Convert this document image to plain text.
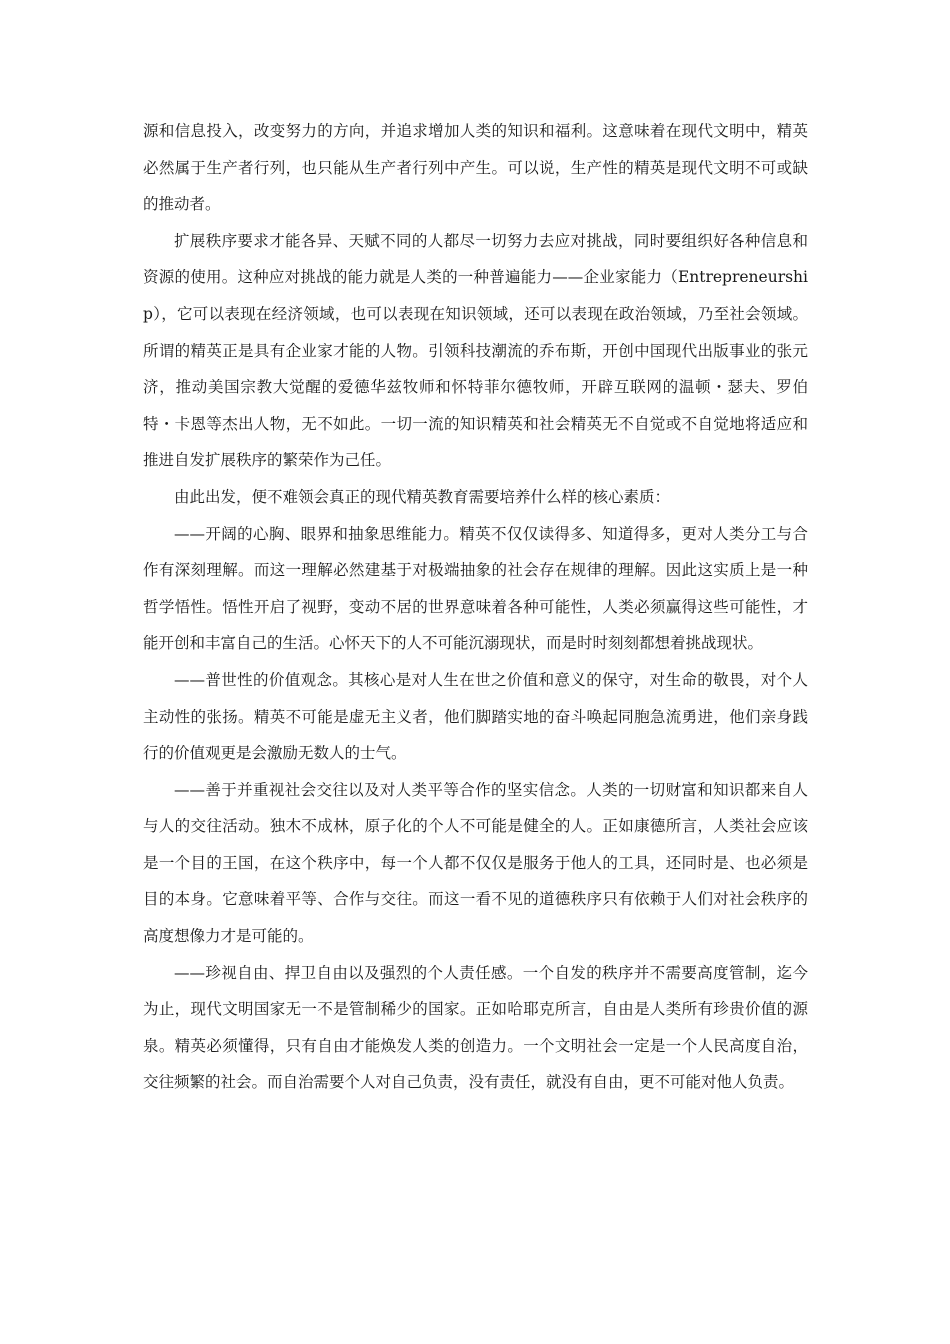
源和信息投入，改变努力的方向，并追求增加人类的知识和福利。这意味着在现代文明中，精英必然属于生产者行列，也只能从生产者行列中产生。可以说，生产性的精英是现代文明不可或缺的推动者。

扩展秩序要求才能各异、天赋不同的人都尽一切努力去应对挑战，同时要组织好各种信息和资源的使用。这种应对挑战的能力就是人类的一种普遍能力——企业家能力（Entrepreneurship），它可以表现在经济领域，也可以表现在知识领域，还可以表现在政治领域，乃至社会领域。所谓的精英正是具有企业家才能的人物。引领科技潮流的乔布斯，开创中国现代出版事业的张元济，推动美国宗教大觉醒的爱德华兹牧师和怀特菲尔德牧师，开辟互联网的温顿・瑟夫、罗伯特・卡恩等杰出人物，无不如此。一切一流的知识精英和社会精英无不自觉或不自觉地将适应和推进自发扩展秩序的繁荣作为己任。

由此出发，便不难领会真正的现代精英教育需要培养什么样的核心素质：

——开阔的心胸、眼界和抽象思维能力。精英不仅仅读得多、知道得多，更对人类分工与合作有深刻理解。而这一理解必然建基于对极端抽象的社会存在规律的理解。因此这实质上是一种哲学悟性。悟性开启了视野，变动不居的世界意味着各种可能性，人类必须赢得这些可能性，才能开创和丰富自己的生活。心怀天下的人不可能沉溺现状，而是时时刻刻都想着挑战现状。

——普世性的价值观念。其核心是对人生在世之价值和意义的保守，对生命的敬畏，对个人主动性的张扬。精英不可能是虚无主义者，他们脚踏实地的奋斗唤起同胞急流勇进，他们亲身践行的价值观更是会激励无数人的士气。

——善于并重视社会交往以及对人类平等合作的坚实信念。人类的一切财富和知识都来自人与人的交往活动。独木不成林，原子化的个人不可能是健全的人。正如康德所言，人类社会应该是一个目的王国，在这个秩序中，每一个人都不仅仅是服务于他人的工具，还同时是、也必须是目的本身。它意味着平等、合作与交往。而这一看不见的道德秩序只有依赖于人们对社会秩序的高度想像力才是可能的。

——珍视自由、捍卫自由以及强烈的个人责任感。一个自发的秩序并不需要高度管制，迄今为止，现代文明国家无一不是管制稀少的国家。正如哈耶克所言，自由是人类所有珍贵价值的源泉。精英必须懂得，只有自由才能焕发人类的创造力。一个文明社会一定是一个人民高度自治，交往频繁的社会。而自治需要个人对自己负责，没有责任，就没有自由，更不可能对他人负责。
